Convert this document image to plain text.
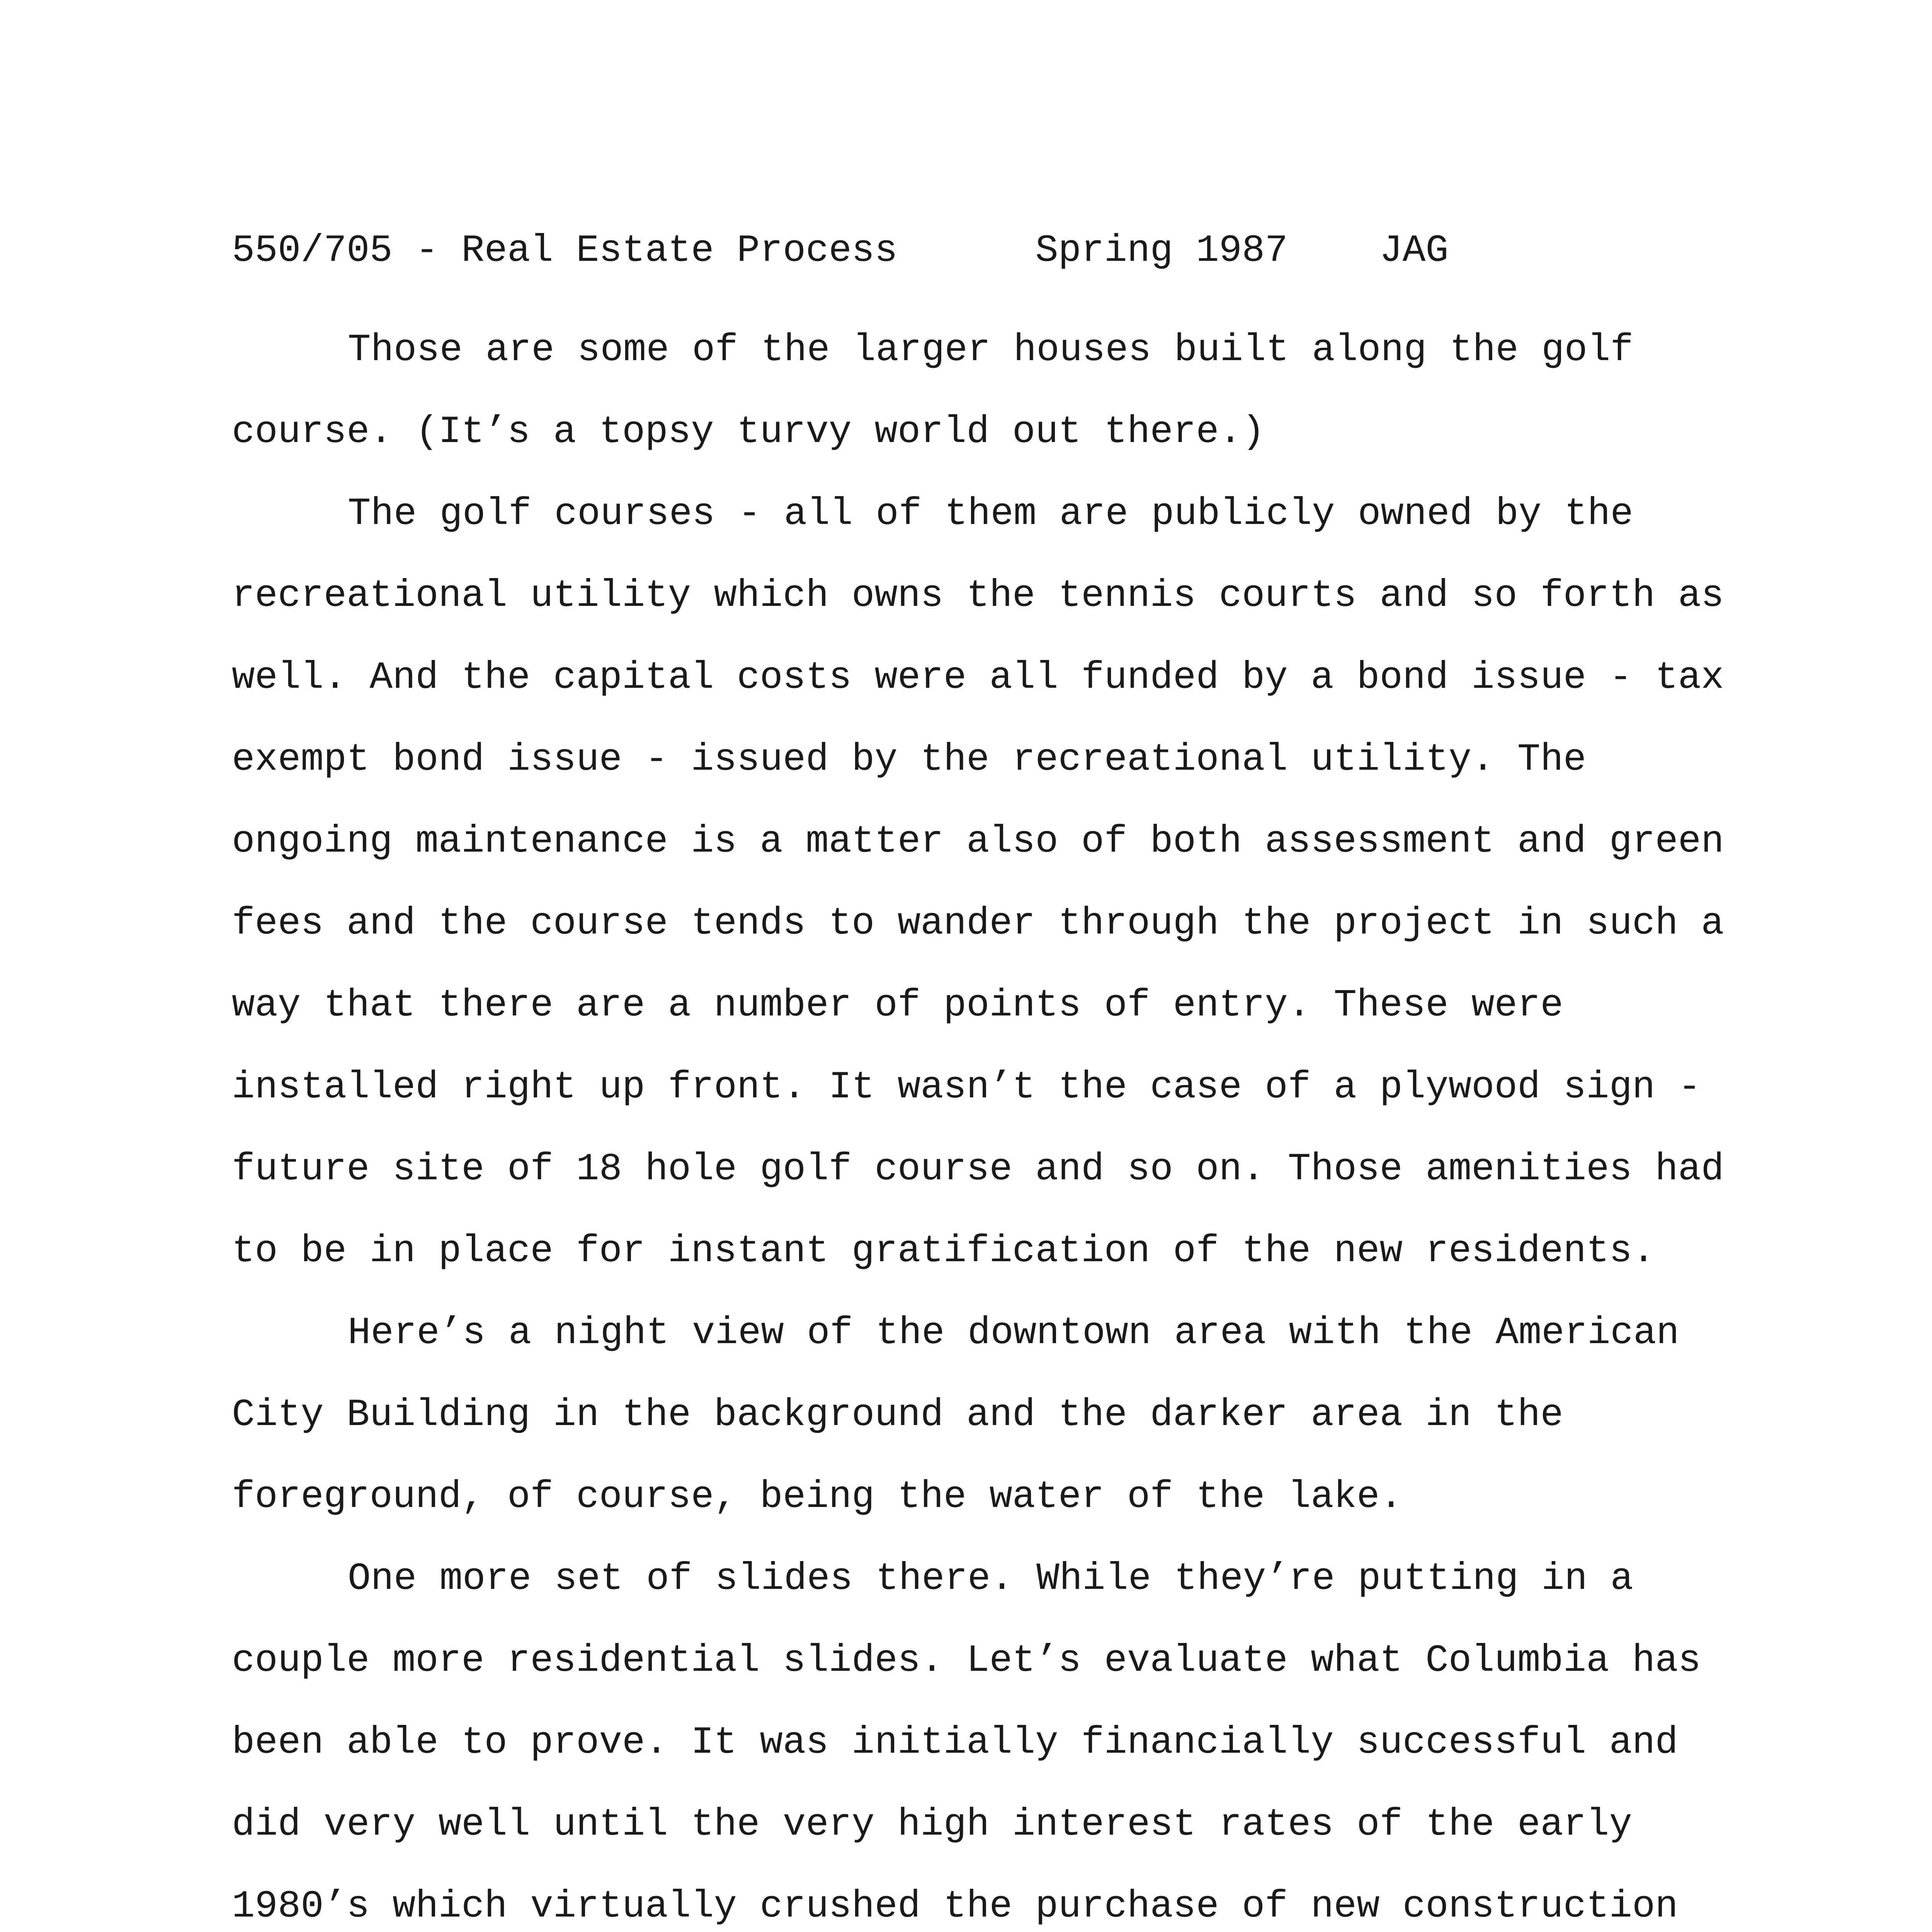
550/705 - Real Estate Process	Spring 1987 JAG

Those are some of the larger houses built along the golf course. (It’s a topsy turvy world out there.)

The golf courses - all of them are publicly owned by the recreational utility which owns the tennis courts and so forth as well. And the capital costs were all funded by a bond issue - tax exempt bond issue - issued by the recreational utility. The ongoing maintenance is a matter also of both assessment and green fees and the course tends to wander through the project in such a way that there are a number of points of entry. These were installed right up front. It wasn’t the case of a plywood sign - future site of 18 hole golf course and so on. Those amenities had to be in place for instant gratification of the new residents.

Here’s a night view of the downtown area with the American City Building in the background and the darker area in the foreground, of course, being the water of the lake.

One more set of slides there. While they’re putting in a couple more residential slides. Let’s evaluate what Columbia has been able to prove. It was initially financially successful and did very well until the very high interest rates of the early 1980’s which virtually crushed the purchase of new construction
